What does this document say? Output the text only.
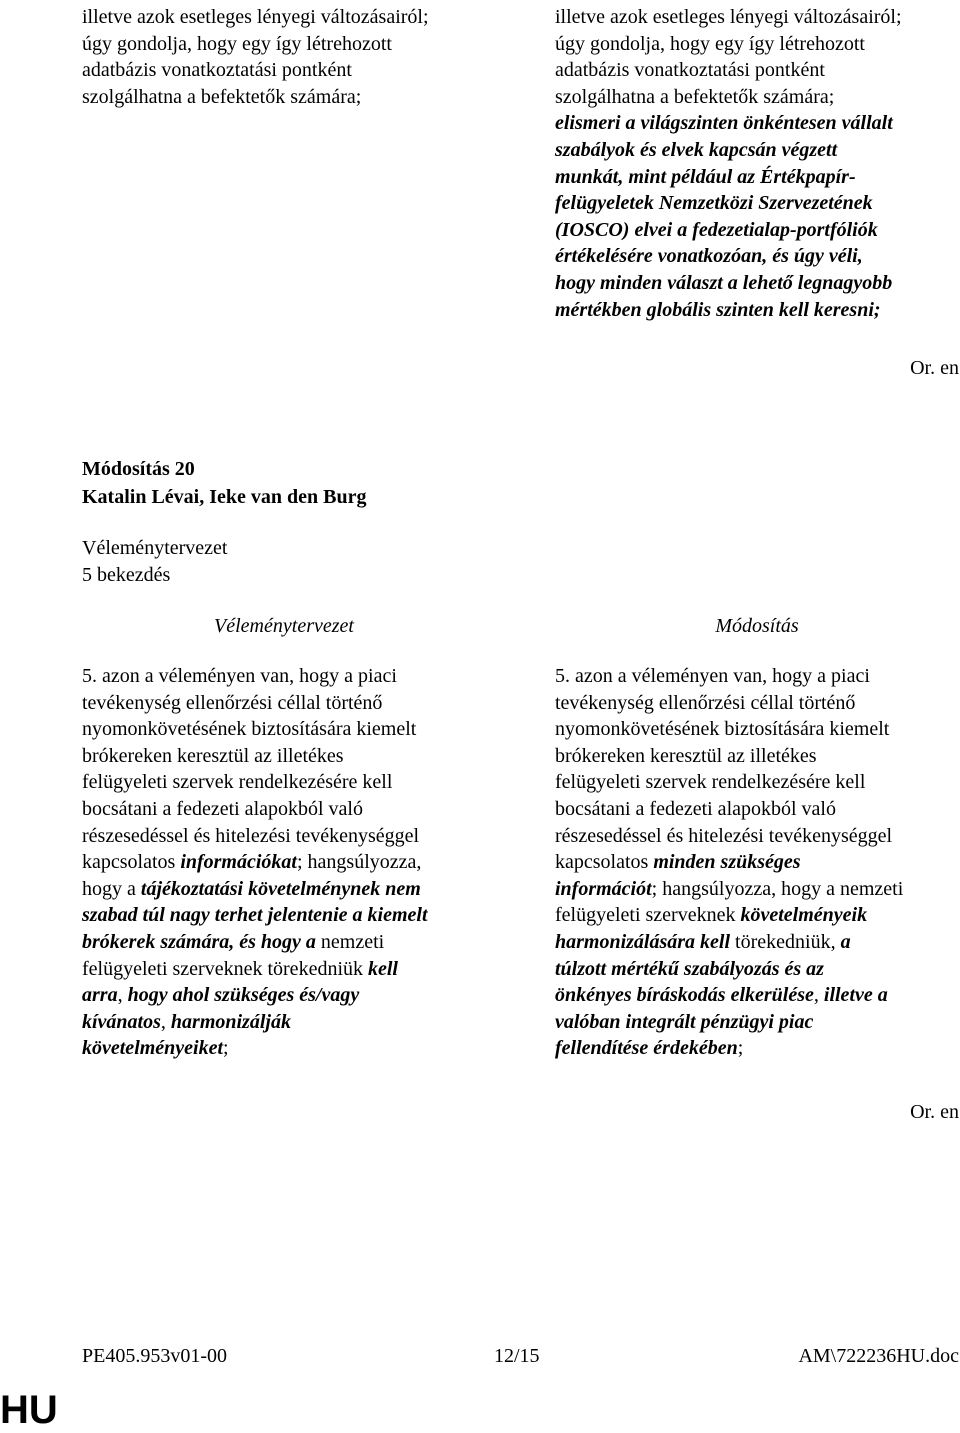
illetve azok esetleges lényegi változásairól;
úgy gondolja, hogy egy így létrehozott
adatbázis vonatkoztatási pontként
szolgálhatna a befektetők számára;
illetve azok esetleges lényegi változásairól;
úgy gondolja, hogy egy így létrehozott
adatbázis vonatkoztatási pontként
szolgálhatna a befektetők számára;
elismeri a világszinten önkéntesen vállalt
szabályok és elvek kapcsán végzett
munkát, mint például az Értékpapír-
felügyeletek Nemzetközi Szervezetének
(IOSCO) elvei a fedezetialap-portfóliók
értékelésére vonatkozóan, és úgy véli,
hogy minden választ a lehető legnagyobb
mértékben globális szinten kell keresni;
Or. en
Módosítás 20
Katalin Lévai, Ieke van den Burg
Véleménytervezet
5 bekezdés
Véleménytervezet	Módosítás
5. azon a véleményen van, hogy a piaci
tevékenység ellenőrzési céllal történő
nyomonkövetésének biztosítására kiemelt
brókereken keresztül az illetékes
felügyeleti szervek rendelkezésére kell
bocsátani a fedezeti alapokból való
részesedéssel és hitelezési tevékenységgel
kapcsolatos információkat; hangsúlyozza,
hogy a tájékoztatási követelménynek nem
szabad túl nagy terhet jelentenie a kiemelt
brókerek számára, és hogy a nemzeti
felügyeleti szerveknek törekedniük kell
arra, hogy ahol szükséges és/vagy
kívánatos, harmonizálják
követelményeiket;
5. azon a véleményen van, hogy a piaci
tevékenység ellenőrzési céllal történő
nyomonkövetésének biztosítására kiemelt
brókereken keresztül az illetékes
felügyeleti szervek rendelkezésére kell
bocsátani a fedezeti alapokból való
részesedéssel és hitelezési tevékenységgel
kapcsolatos minden szükséges
információt; hangsúlyozza, hogy a nemzeti
felügyeleti szerveknek követelményeik
harmonizálására kell törekedniük, a
túlzott mértékű szabályozás és az
önkényes bíráskodás elkerülése, illetve a
valóban integrált pénzügyi piac
fellendítése érdekében;
Or. en
PE405.953v01-00	12/15	AM\722236HU.doc
HU
